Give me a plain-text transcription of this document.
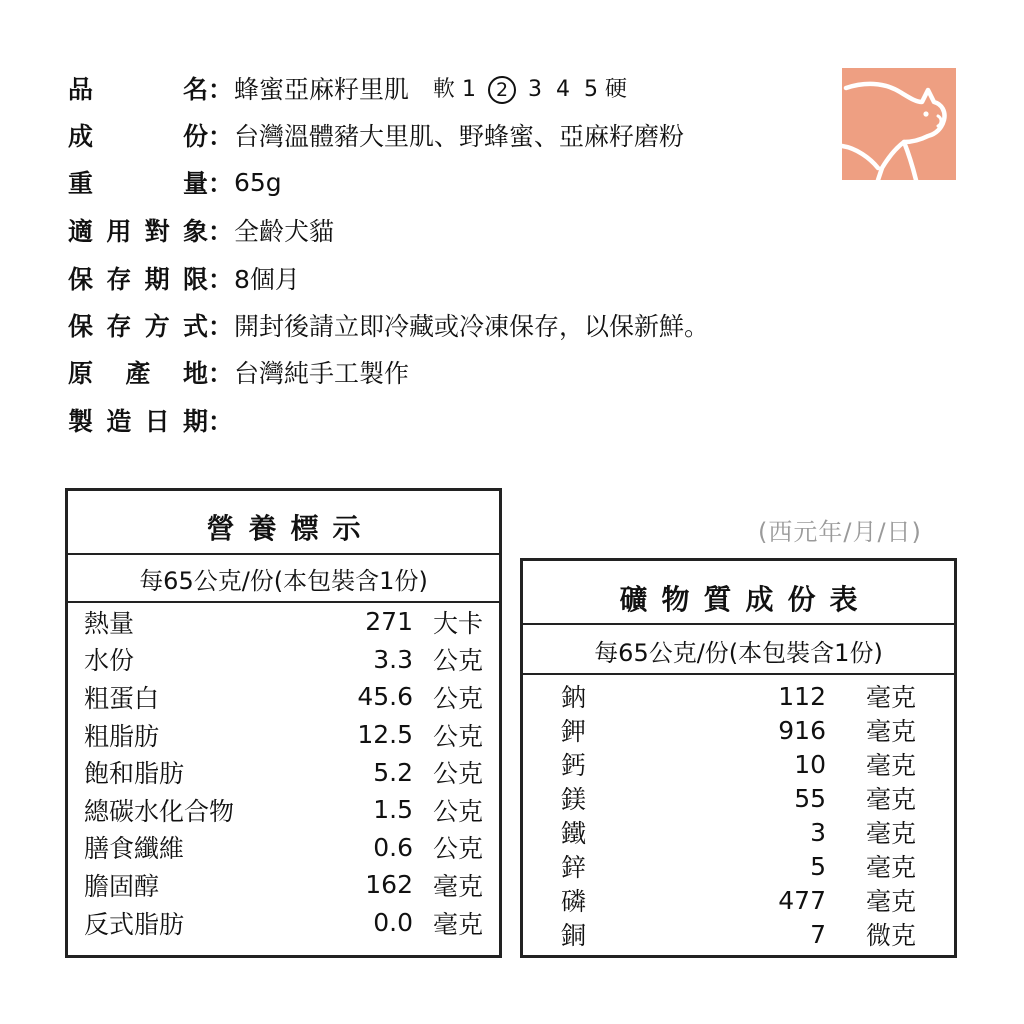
品	名 ： 蜂蜜亞麻籽里肌 軟 1 2 3 4 5 硬
成	份 ： 台灣溫體豬大里肌、野蜂蜜、亞麻籽磨粉
重	量 ： 65g
適 用 對 象 ： 全齡犬貓
保 存 期 限 ： 8個月
保 存 方 式 ： 開封後請立即冷藏或冷凍保存，以保新鮮。
原 產 地 ： 台灣純手工製作
製 造 日 期 ：
(西元年/月/日)
營養標示
每65公克/份(本包裝含1份)
熱量	271 大卡
水份	3.3 公克
粗蛋白	45.6 公克
粗脂肪	12.5 公克
飽和脂肪	5.2 公克
總碳水化合物	1.5 公克
膳食纖維	0.6 公克
膽固醇	162 毫克
反式脂肪	0.0 毫克
礦物質成份表
每65公克/份(本包裝含1份)
鈉	112	毫克
鉀	916	毫克
鈣	10	毫克
鎂	55	毫克
鐵	3	毫克
鋅	5	毫克
磷	477	毫克
銅	7	微克
